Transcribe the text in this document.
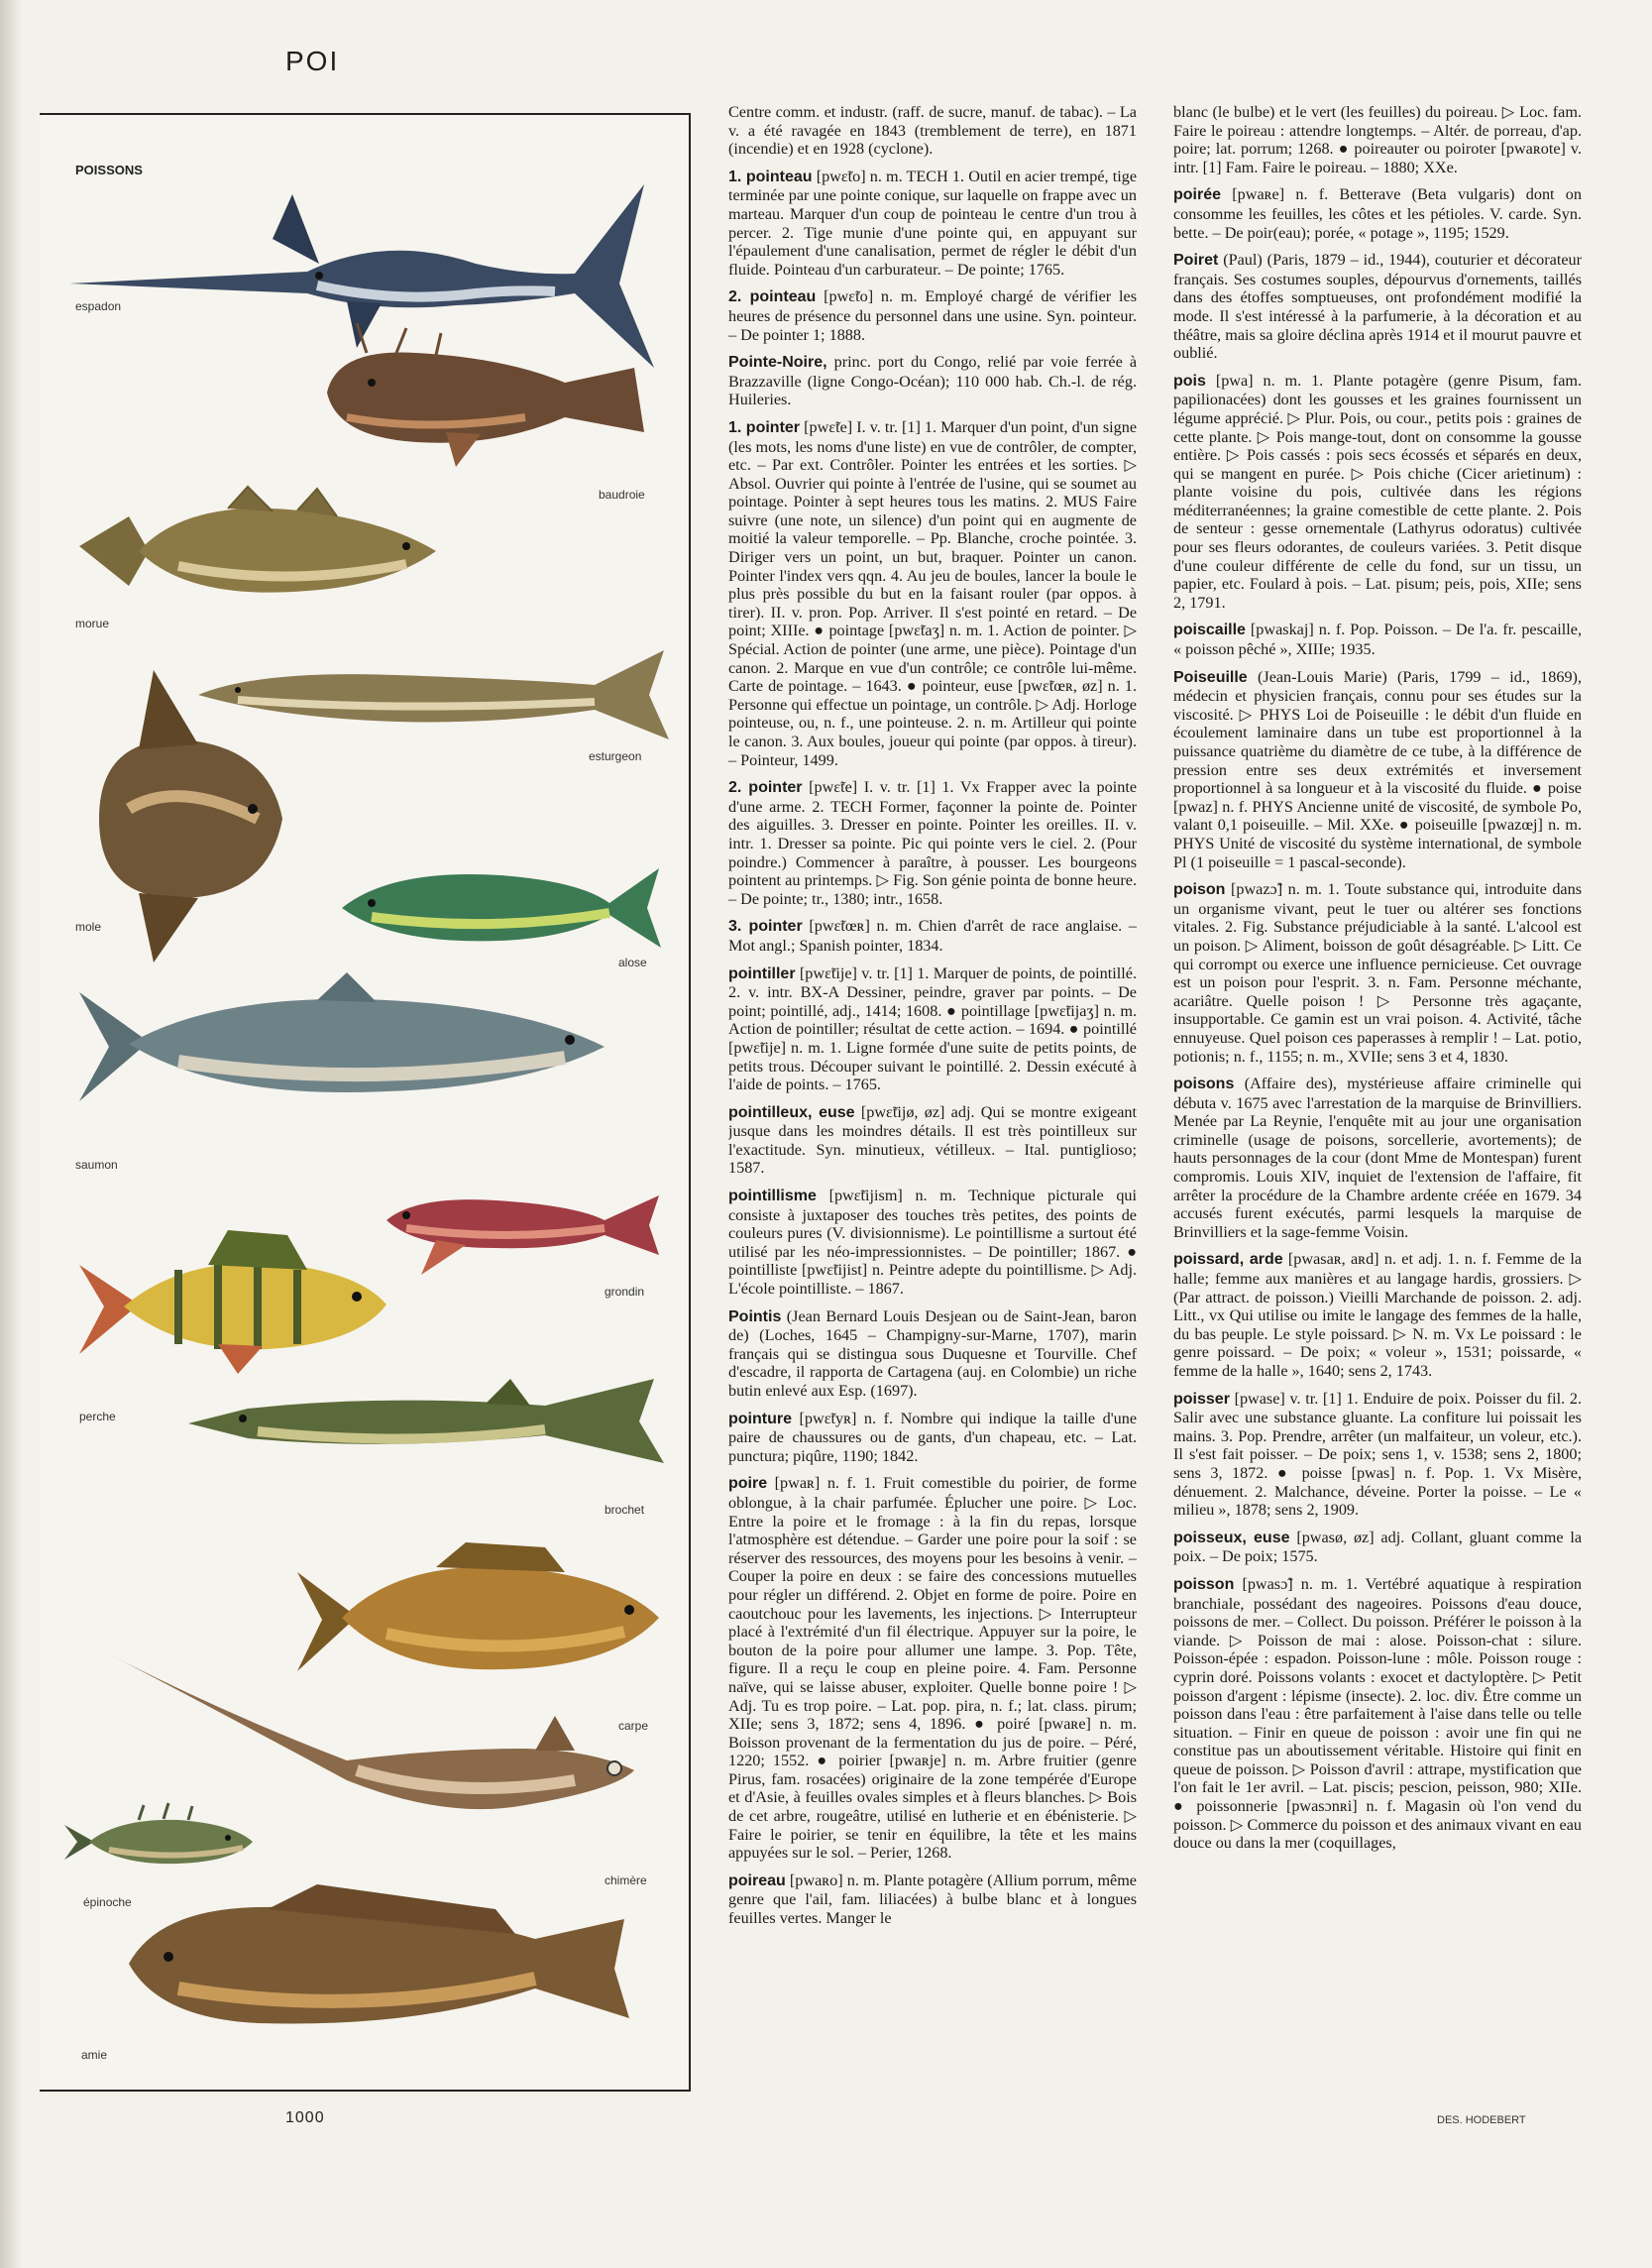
POI
POISSONS
espadon
baudroie
morue
esturgeon
mole
alose
saumon
grondin
perche
brochet
carpe
chimère
épinoche
amie

Centre comm. et industr. (raff. de sucre, manuf. de tabac). – La v. a été ravagée en 1843 (tremblement de terre), en 1871 (incendie) et en 1928 (cyclone).

1. pointeau [pwɛ̃to] n. m. TECH 1. Outil en acier trempé, tige terminée par une pointe conique, sur laquelle on frappe avec un marteau. Marquer d'un coup de pointeau le centre d'un trou à percer. 2. Tige munie d'une pointe qui, en appuyant sur l'épaulement d'une canalisation, permet de régler le débit d'un fluide. Pointeau d'un carburateur. – De pointe; 1765.

2. pointeau [pwɛ̃to] n. m. Employé chargé de vérifier les heures de présence du personnel dans une usine. Syn. pointeur. – De pointer 1; 1888.

Pointe-Noire, princ. port du Congo, relié par voie ferrée à Brazzaville (ligne Congo-Océan); 110 000 hab. Ch.-l. de rég. Huileries.

1. pointer [pwɛ̃te] I. v. tr. [1] 1. Marquer d'un point, d'un signe (les mots, les noms d'une liste) en vue de contrôler, de compter, etc. – Par ext. Contrôler. Pointer les entrées et les sorties. ▷ Absol. Ouvrier qui pointe à l'entrée de l'usine, qui se soumet au pointage. Pointer à sept heures tous les matins. 2. MUS Faire suivre (une note, un silence) d'un point qui en augmente de moitié la valeur temporelle. – Pp. Blanche, croche pointée. 3. Diriger vers un point, un but, braquer. Pointer un canon. Pointer l'index vers qqn. 4. Au jeu de boules, lancer la boule le plus près possible du but en la faisant rouler (par oppos. à tirer). II. v. pron. Pop. Arriver. Il s'est pointé en retard. – De point; XIIIe. ● pointage [pwɛ̃taʒ] n. m. 1. Action de pointer. ▷ Spécial. Action de pointer (une arme, une pièce). Pointage d'un canon. 2. Marque en vue d'un contrôle; ce contrôle lui-même. Carte de pointage. – 1643. ● pointeur, euse [pwɛ̃tœʀ, øz] n. 1. Personne qui effectue un pointage, un contrôle. ▷ Adj. Horloge pointeuse, ou, n. f., une pointeuse. 2. n. m. Artilleur qui pointe le canon. 3. Aux boules, joueur qui pointe (par oppos. à tireur). – Pointeur, 1499.

2. pointer [pwɛ̃te] I. v. tr. [1] 1. Vx Frapper avec la pointe d'une arme. 2. TECH Former, façonner la pointe de. Pointer des aiguilles. 3. Dresser en pointe. Pointer les oreilles. II. v. intr. 1. Dresser sa pointe. Pic qui pointe vers le ciel. 2. (Pour poindre.) Commencer à paraître, à pousser. Les bourgeons pointent au printemps. ▷ Fig. Son génie pointa de bonne heure. – De pointe; tr., 1380; intr., 1658.

3. pointer [pwɛ̃tœʀ] n. m. Chien d'arrêt de race anglaise. – Mot angl.; Spanish pointer, 1834.

pointiller [pwɛ̃tije] v. tr. [1] 1. Marquer de points, de pointillé. 2. v. intr. BX-A Dessiner, peindre, graver par points. – De point; pointillé, adj., 1414; 1608. ● pointillage [pwɛ̃tijaʒ] n. m. Action de pointiller; résultat de cette action. – 1694. ● pointillé [pwɛ̃tije] n. m. 1. Ligne formée d'une suite de petits points, de petits trous. Découper suivant le pointillé. 2. Dessin exécuté à l'aide de points. – 1765.

pointilleux, euse [pwɛ̃tijø, øz] adj. Qui se montre exigeant jusque dans les moindres détails. Il est très pointilleux sur l'exactitude. Syn. minutieux, vétilleux. – Ital. puntiglioso; 1587.

pointillisme [pwɛ̃tijism] n. m. Technique picturale qui consiste à juxtaposer des touches très petites, des points de couleurs pures (V. divisionnisme). Le pointillisme a surtout été utilisé par les néo-impressionnistes. – De pointiller; 1867. ● pointilliste [pwɛ̃tijist] n. Peintre adepte du pointillisme. ▷ Adj. L'école pointilliste. – 1867.

Pointis (Jean Bernard Louis Desjean ou de Saint-Jean, baron de) (Loches, 1645 – Champigny-sur-Marne, 1707), marin français qui se distingua sous Duquesne et Tourville. Chef d'escadre, il rapporta de Cartagena (auj. en Colombie) un riche butin enlevé aux Esp. (1697).

pointure [pwɛ̃tyʀ] n. f. Nombre qui indique la taille d'une paire de chaussures ou de gants, d'un chapeau, etc. – Lat. punctura; piqûre, 1190; 1842.

poire [pwaʀ] n. f. 1. Fruit comestible du poirier, de forme oblongue, à la chair parfumée. Éplucher une poire. ▷ Loc. Entre la poire et le fromage : à la fin du repas, lorsque l'atmosphère est détendue. – Garder une poire pour la soif : se réserver des ressources, des moyens pour les besoins à venir. – Couper la poire en deux : se faire des concessions mutuelles pour régler un différend. 2. Objet en forme de poire. Poire en caoutchouc pour les lavements, les injections. ▷ Interrupteur placé à l'extrémité d'un fil électrique. Appuyer sur la poire, le bouton de la poire pour allumer une lampe. 3. Pop. Tête, figure. Il a reçu le coup en pleine poire. 4. Fam. Personne naïve, qui se laisse abuser, exploiter. Quelle bonne poire ! ▷ Adj. Tu es trop poire. – Lat. pop. pira, n. f.; lat. class. pirum; XIIe; sens 3, 1872; sens 4, 1896. ● poiré [pwaʀe] n. m. Boisson provenant de la fermentation du jus de poire. – Péré, 1220; 1552. ● poirier [pwaʀje] n. m. Arbre fruitier (genre Pirus, fam. rosacées) originaire de la zone tempérée d'Europe et d'Asie, à feuilles ovales simples et à fleurs blanches. ▷ Bois de cet arbre, rougeâtre, utilisé en lutherie et en ébénisterie. ▷ Faire le poirier, se tenir en équilibre, la tête et les mains appuyées sur le sol. – Perier, 1268.

poireau [pwaʀo] n. m. Plante potagère (Allium porrum, même genre que l'ail, fam. liliacées) à bulbe blanc et à longues feuilles vertes. Manger le

blanc (le bulbe) et le vert (les feuilles) du poireau. ▷ Loc. fam. Faire le poireau : attendre longtemps. – Altér. de porreau, d'ap. poire; lat. porrum; 1268. ● poireauter ou poiroter [pwaʀote] v. intr. [1] Fam. Faire le poireau. – 1880; XXe.

poirée [pwaʀe] n. f. Betterave (Beta vulgaris) dont on consomme les feuilles, les côtes et les pétioles. V. carde. Syn. bette. – De poir(eau); porée, « potage », 1195; 1529.

Poiret (Paul) (Paris, 1879 – id., 1944), couturier et décorateur français. Ses costumes souples, dépourvus d'ornements, taillés dans des étoffes somptueuses, ont profondément modifié la mode. Il s'est intéressé à la parfumerie, à la décoration et au théâtre, mais sa gloire déclina après 1914 et il mourut pauvre et oublié.

pois [pwa] n. m. 1. Plante potagère (genre Pisum, fam. papilionacées) dont les gousses et les graines fournissent un légume apprécié. ▷ Plur. Pois, ou cour., petits pois : graines de cette plante. ▷ Pois mange-tout, dont on consomme la gousse entière. ▷ Pois cassés : pois secs écossés et séparés en deux, qui se mangent en purée. ▷ Pois chiche (Cicer arietinum) : plante voisine du pois, cultivée dans les régions méditerranéennes; la graine comestible de cette plante. 2. Pois de senteur : gesse ornementale (Lathyrus odoratus) cultivée pour ses fleurs odorantes, de couleurs variées. 3. Petit disque d'une couleur différente de celle du fond, sur un tissu, un papier, etc. Foulard à pois. – Lat. pisum; peis, pois, XIIe; sens 2, 1791.

poiscaille [pwaskaj] n. f. Pop. Poisson. – De l'a. fr. pescaille, « poisson pêché », XIIIe; 1935.

Poiseuille (Jean-Louis Marie) (Paris, 1799 – id., 1869), médecin et physicien français, connu pour ses études sur la viscosité. ▷ PHYS Loi de Poiseuille : le débit d'un fluide en écoulement laminaire dans un tube est proportionnel à la puissance quatrième du diamètre de ce tube, à la différence de pression entre ses deux extrémités et inversement proportionnel à sa longueur et à la viscosité du fluide. ● poise [pwaz] n. f. PHYS Ancienne unité de viscosité, de symbole Po, valant 0,1 poiseuille. – Mil. XXe. ● poiseuille [pwazœj] n. m. PHYS Unité de viscosité du système international, de symbole Pl (1 poiseuille = 1 pascal-seconde).

poison [pwazɔ̃] n. m. 1. Toute substance qui, introduite dans un organisme vivant, peut le tuer ou altérer ses fonctions vitales. 2. Fig. Substance préjudiciable à la santé. L'alcool est un poison. ▷ Aliment, boisson de goût désagréable. ▷ Litt. Ce qui corrompt ou exerce une influence pernicieuse. Cet ouvrage est un poison pour l'esprit. 3. n. Fam. Personne méchante, acariâtre. Quelle poison ! ▷ Personne très agaçante, insupportable. Ce gamin est un vrai poison. 4. Activité, tâche ennuyeuse. Quel poison ces paperasses à remplir ! – Lat. potio, potionis; n. f., 1155; n. m., XVIIe; sens 3 et 4, 1830.

poisons (Affaire des), mystérieuse affaire criminelle qui débuta v. 1675 avec l'arrestation de la marquise de Brinvilliers. Menée par La Reynie, l'enquête mit au jour une organisation criminelle (usage de poisons, sorcellerie, avortements); de hauts personnages de la cour (dont Mme de Montespan) furent compromis. Louis XIV, inquiet de l'extension de l'affaire, fit arrêter la procédure de la Chambre ardente créée en 1679. 34 accusés furent exécutés, parmi lesquels la marquise de Brinvilliers et la sage-femme Voisin.

poissard, arde [pwasaʀ, aʀd] n. et adj. 1. n. f. Femme de la halle; femme aux manières et au langage hardis, grossiers. ▷ (Par attract. de poisson.) Vieilli Marchande de poisson. 2. adj. Litt., vx Qui utilise ou imite le langage des femmes de la halle, du bas peuple. Le style poissard. ▷ N. m. Vx Le poissard : le genre poissard. – De poix; « voleur », 1531; poissarde, « femme de la halle », 1640; sens 2, 1743.

poisser [pwase] v. tr. [1] 1. Enduire de poix. Poisser du fil. 2. Salir avec une substance gluante. La confiture lui poissait les mains. 3. Pop. Prendre, arrêter (un malfaiteur, un voleur, etc.). Il s'est fait poisser. – De poix; sens 1, v. 1538; sens 2, 1800; sens 3, 1872. ● poisse [pwas] n. f. Pop. 1. Vx Misère, dénuement. 2. Malchance, déveine. Porter la poisse. – Le « milieu », 1878; sens 2, 1909.

poisseux, euse [pwasø, øz] adj. Collant, gluant comme la poix. – De poix; 1575.

poisson [pwasɔ̃] n. m. 1. Vertébré aquatique à respiration branchiale, possédant des nageoires. Poissons d'eau douce, poissons de mer. – Collect. Du poisson. Préférer le poisson à la viande. ▷ Poisson de mai : alose. Poisson-chat : silure. Poisson-épée : espadon. Poisson-lune : môle. Poisson rouge : cyprin doré. Poissons volants : exocet et dactyloptère. ▷ Petit poisson d'argent : lépisme (insecte). 2. loc. div. Être comme un poisson dans l'eau : être parfaitement à l'aise dans telle ou telle situation. – Finir en queue de poisson : avoir une fin qui ne constitue pas un aboutissement véritable. Histoire qui finit en queue de poisson. ▷ Poisson d'avril : attrape, mystification que l'on fait le 1er avril. – Lat. piscis; pescion, peisson, 980; XIIe. ● poissonnerie [pwasɔnʀi] n. f. Magasin où l'on vend du poisson. ▷ Commerce du poisson et des animaux vivant en eau douce ou dans la mer (coquillages,

1000	DES. HODEBERT
